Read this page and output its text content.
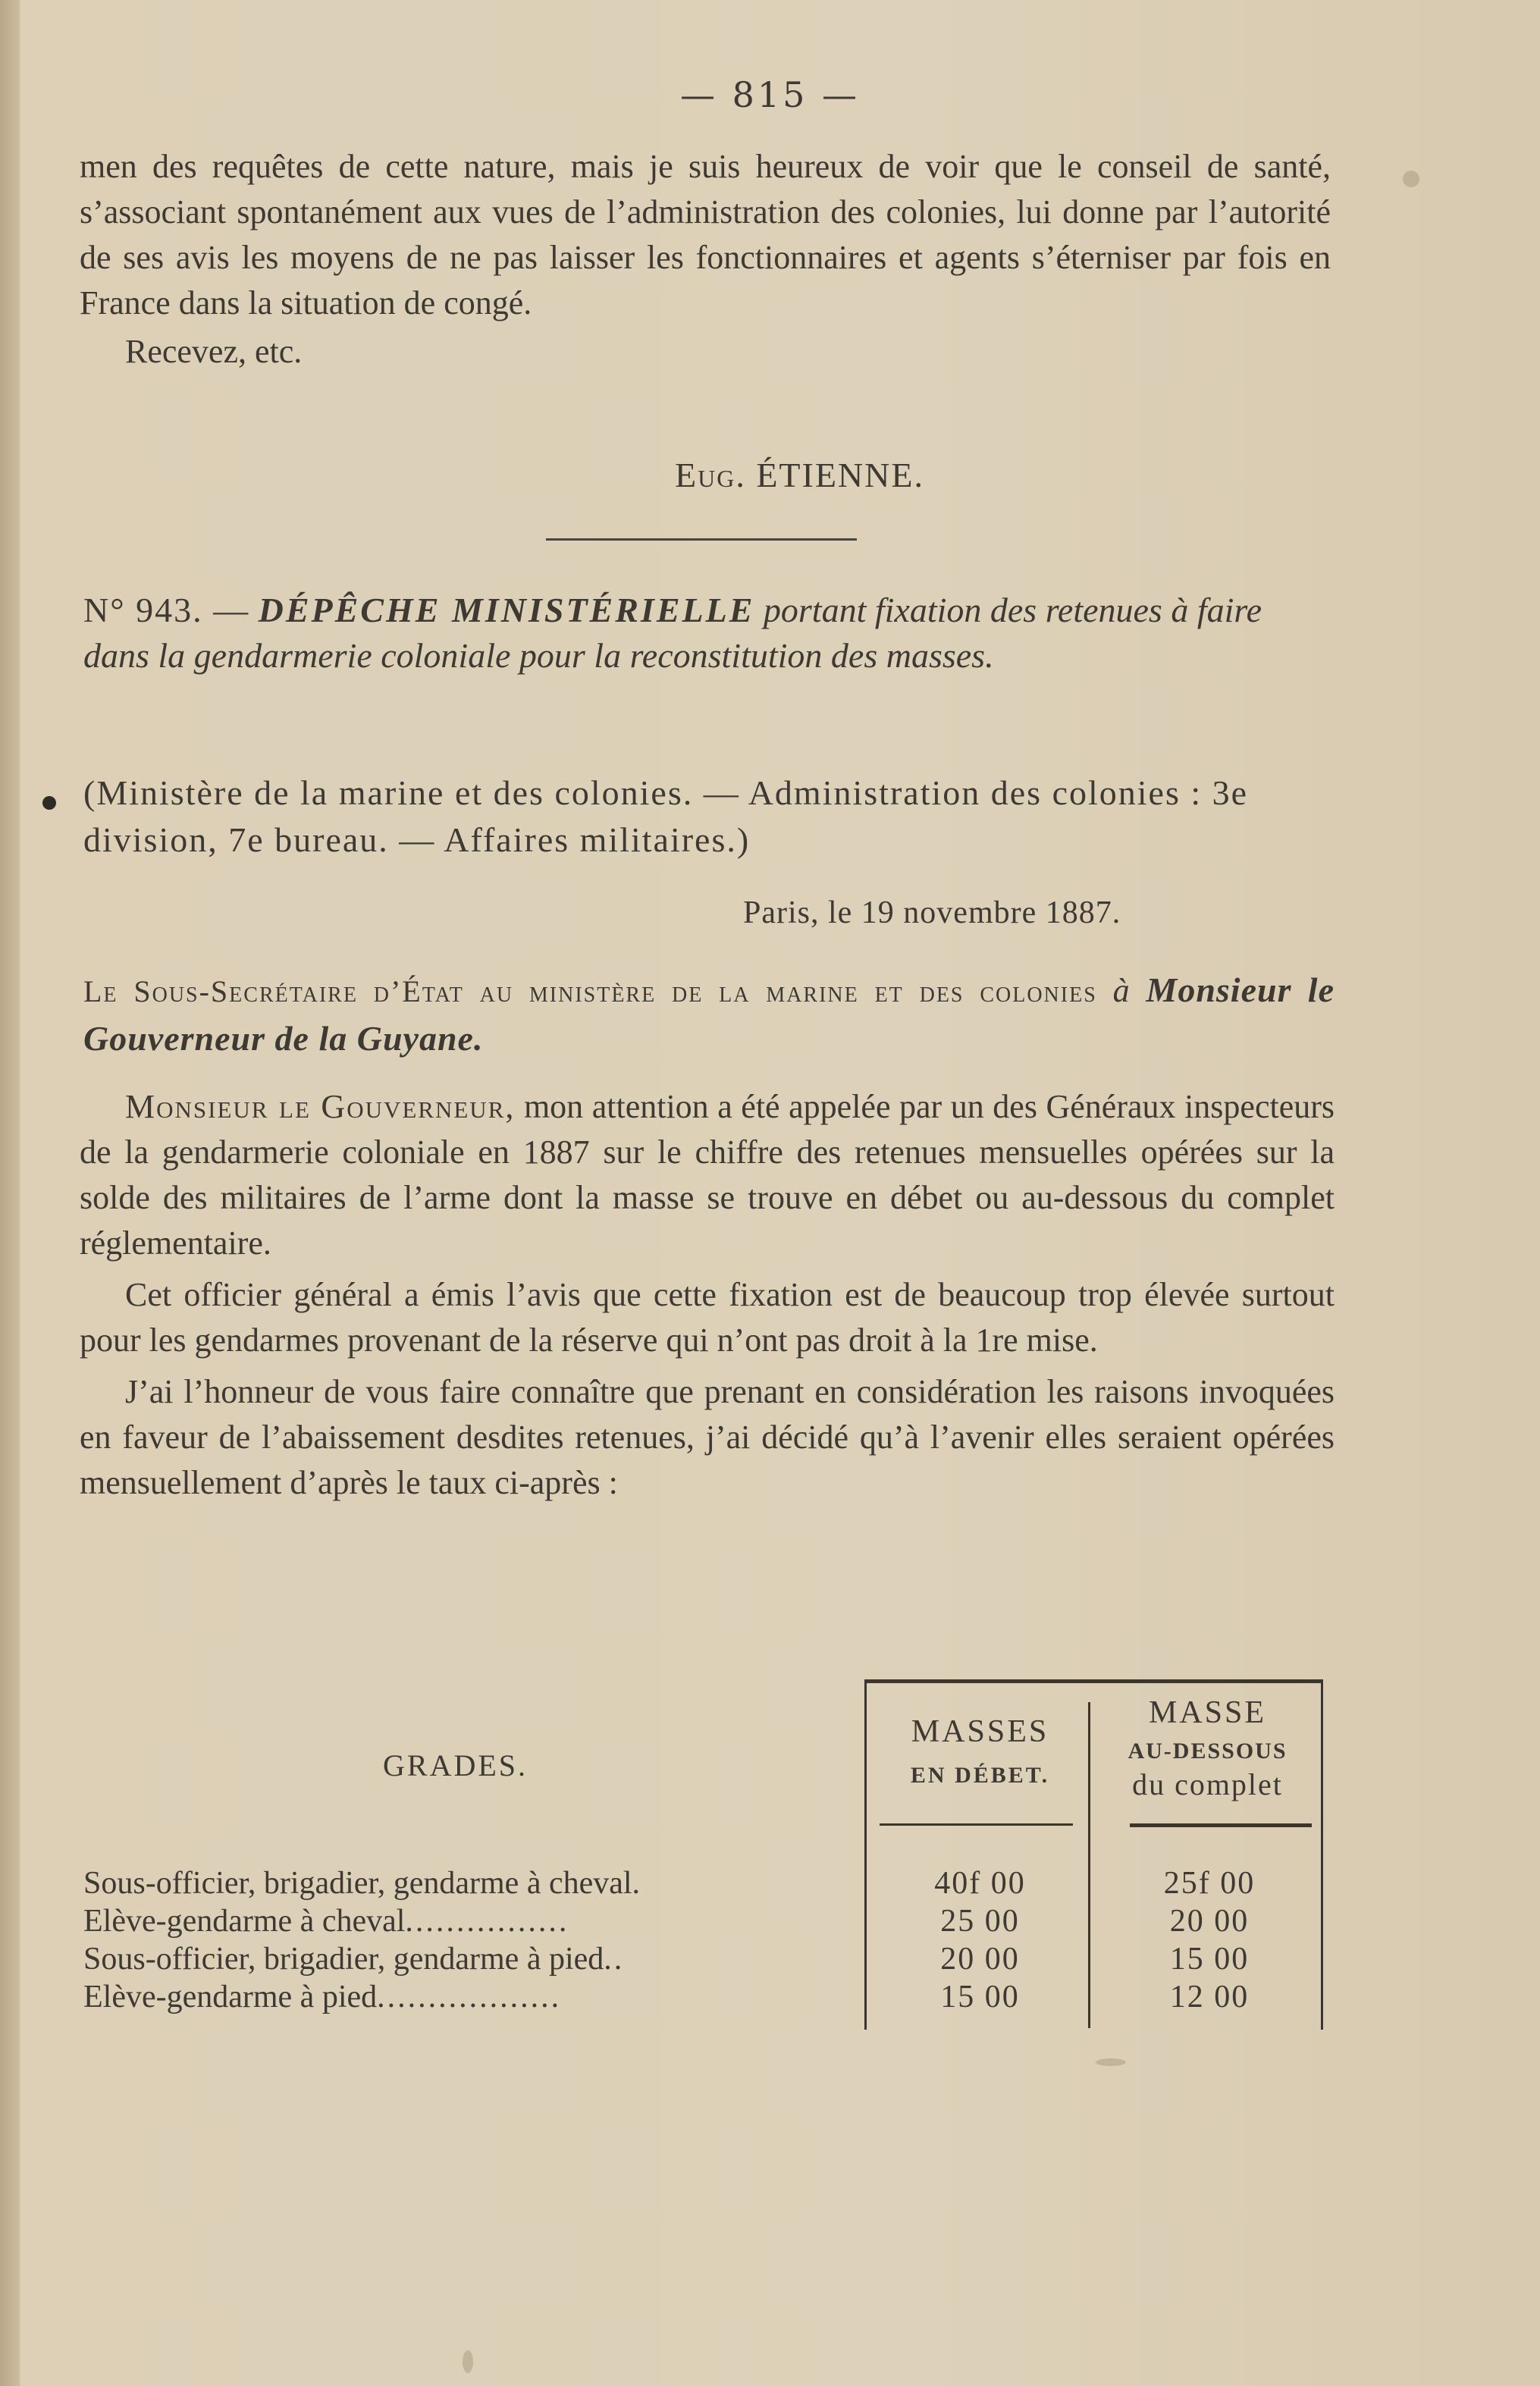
— 815 —

men des requêtes de cette nature, mais je suis heureux de voir que le conseil de santé, s’associant spontanément aux vues de l’administration des colonies, lui donne par l’autorité de ses avis les moyens de ne pas laisser les fonctionnaires et agents s’éterniser par fois en France dans la situation de congé.

Recevez, etc.

Eug. ÉTIENNE.

N° 943. — DÉPÊCHE MINISTÉRIELLE portant fixation des retenues à faire dans la gendarmerie coloniale pour la reconstitution des masses.

(Ministère de la marine et des colonies. — Administration des colonies : 3e division, 7e bureau. — Affaires militaires.)

Paris, le 19 novembre 1887.

Le Sous-Secrétaire d’État au ministère de la marine et des colonies à Monsieur le Gouverneur de la Guyane.

Monsieur le Gouverneur, mon attention a été appelée par un des Généraux inspecteurs de la gendarmerie coloniale en 1887 sur le chiffre des retenues mensuelles opérées sur la solde des militaires de l’arme dont la masse se trouve en débet ou au-dessous du complet réglementaire.

Cet officier général a émis l’avis que cette fixation est de beaucoup trop élevée surtout pour les gendarmes provenant de la réserve qui n’ont pas droit à la 1re mise.

J’ai l’honneur de vous faire connaître que prenant en considération les raisons invoquées en faveur de l’abaissement desdites retenues, j’ai décidé qu’à l’avenir elles seraient opérées mensuellement d’après le taux ci-après :

GRADES.
MASSES
EN DÉBET.
MASSE
AU-DESSOUS
du complet
Sous-officier, brigadier, gendarme à cheval.	40f 00	25f 00
Elève-gendarme à cheval................	25 00	20 00
Sous-officier, brigadier, gendarme à pied..	20 00	15 00
Elève-gendarme à pied..................	15 00	12 00
